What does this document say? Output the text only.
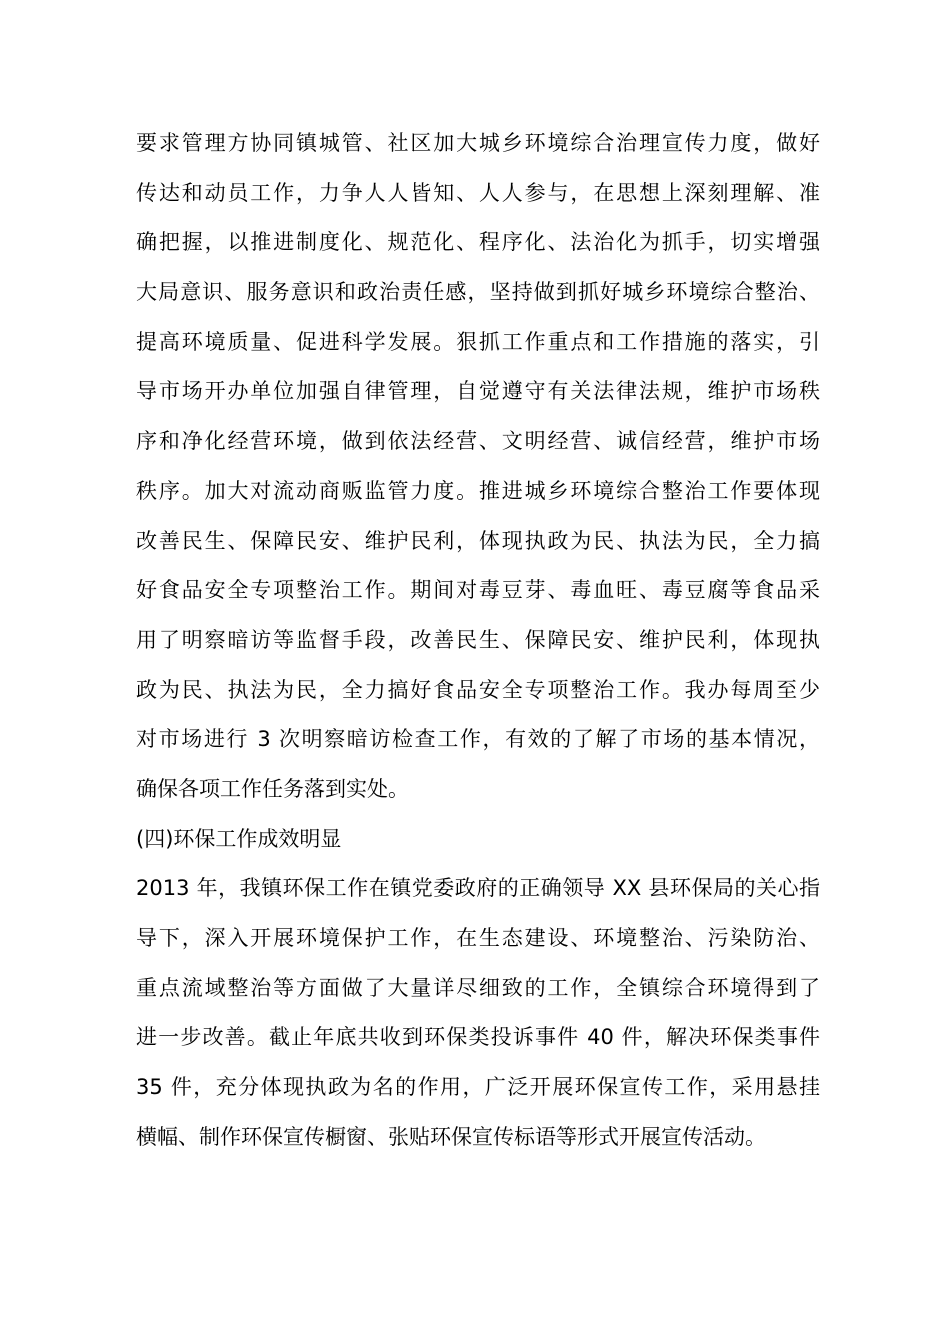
要求管理方协同镇城管、社区加大城乡环境综合治理宣传力度，做好
传达和动员工作，力争人人皆知、人人参与，在思想上深刻理解、准
确把握，以推进制度化、规范化、程序化、法治化为抓手，切实增强
大局意识、服务意识和政治责任感，坚持做到抓好城乡环境综合整治、
提高环境质量、促进科学发展。狠抓工作重点和工作措施的落实，引
导市场开办单位加强自律管理，自觉遵守有关法律法规，维护市场秩
序和净化经营环境，做到依法经营、文明经营、诚信经营，维护市场
秩序。加大对流动商贩监管力度。推进城乡环境综合整治工作要体现
改善民生、保障民安、维护民利，体现执政为民、执法为民，全力搞
好食品安全专项整治工作。期间对毒豆芽、毒血旺、毒豆腐等食品采
用了明察暗访等监督手段，改善民生、保障民安、维护民利，体现执
政为民、执法为民，全力搞好食品安全专项整治工作。我办每周至少
对市场进行 3 次明察暗访检查工作，有效的了解了市场的基本情况，
确保各项工作任务落到实处。
(四)环保工作成效明显
2013 年，我镇环保工作在镇党委政府的正确领导 XX 县环保局的关心指
导下，深入开展环境保护工作，在生态建设、环境整治、污染防治、
重点流域整治等方面做了大量详尽细致的工作，全镇综合环境得到了
进一步改善。截止年底共收到环保类投诉事件 40 件，解决环保类事件
35 件，充分体现执政为名的作用，广泛开展环保宣传工作，采用悬挂
横幅、制作环保宣传橱窗、张贴环保宣传标语等形式开展宣传活动。
